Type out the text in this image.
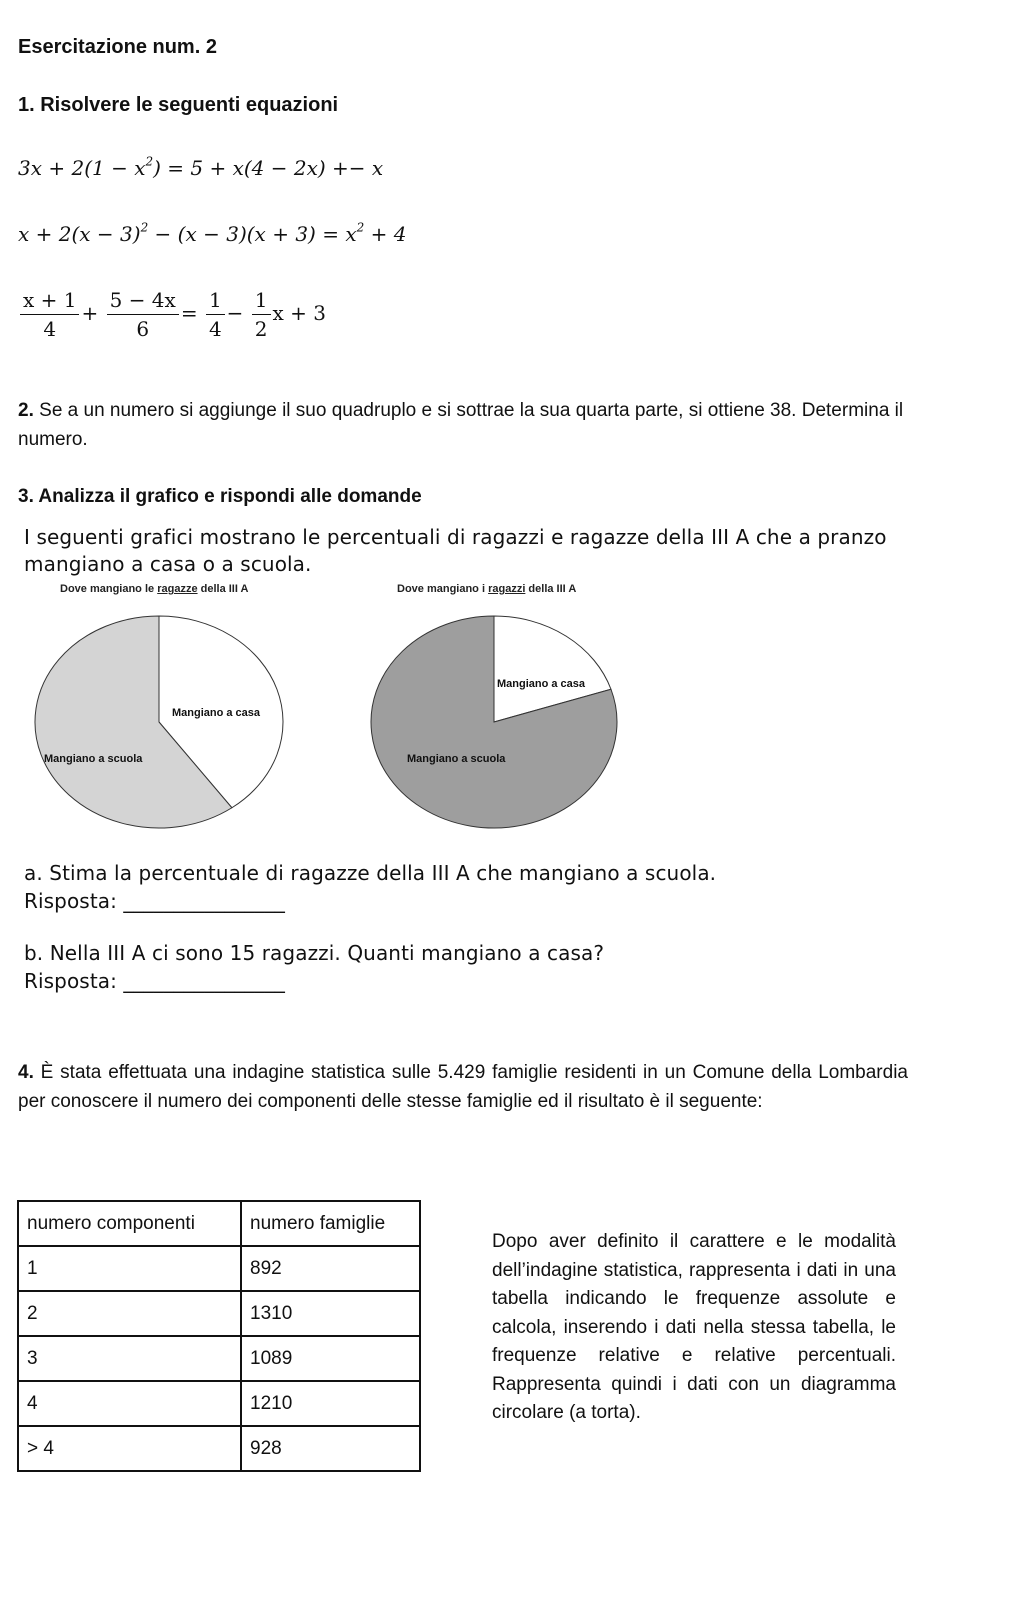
Esercitazione num. 2
1. Risolvere le seguenti equazioni
$3x + 2(1 - x^2) = 5 + x(4 - 2x) +- x$
$x + 2(x - 3)^2 - (x - 3)(x + 3) = x^2 + 4$
$\frac{x + 1}{4} + \frac{5 - 4x}{6} = \frac{1}{4} - \frac{1}{2}$ x + 3
2. Se a un numero si aggiunge il suo quadruplo e si sottrae la sua quarta parte, si ottiene 38. Determina il numero.
3. Analizza il grafico e rispondi alle domande
I seguenti grafici mostrano le percentuali di ragazzi e ragazze della III A che a pranzo mangiano a casa o a scuola.
Dove mangiano le ragazze della III A	Dove mangiano i ragazzi della III A
Mangiano a casa
Mangiano a scuola
Mangiano a casa
Mangiano a scuola
a. Stima la percentuale di ragazze della III A che mangiano a scuola.
Risposta: ________________
b. Nella III A ci sono 15 ragazzi. Quanti mangiano a casa?
Risposta: ________________
4. È stata effettuata una indagine statistica sulle 5.429 famiglie residenti in un Comune della Lombardia per conoscere il numero dei componenti delle stesse famiglie ed il risultato è il seguente:
numero componenti	numero famiglie
1	892
2	1310
3	1089
4	1210
> 4	928
Dopo aver definito il carattere e le modalità dell’indagine statistica, rappresenta i dati in una tabella indicando le frequenze assolute e calcola, inserendo i dati nella stessa tabella, le frequenze relative e relative percentuali. Rappresenta quindi i dati con un diagramma circolare (a torta).
